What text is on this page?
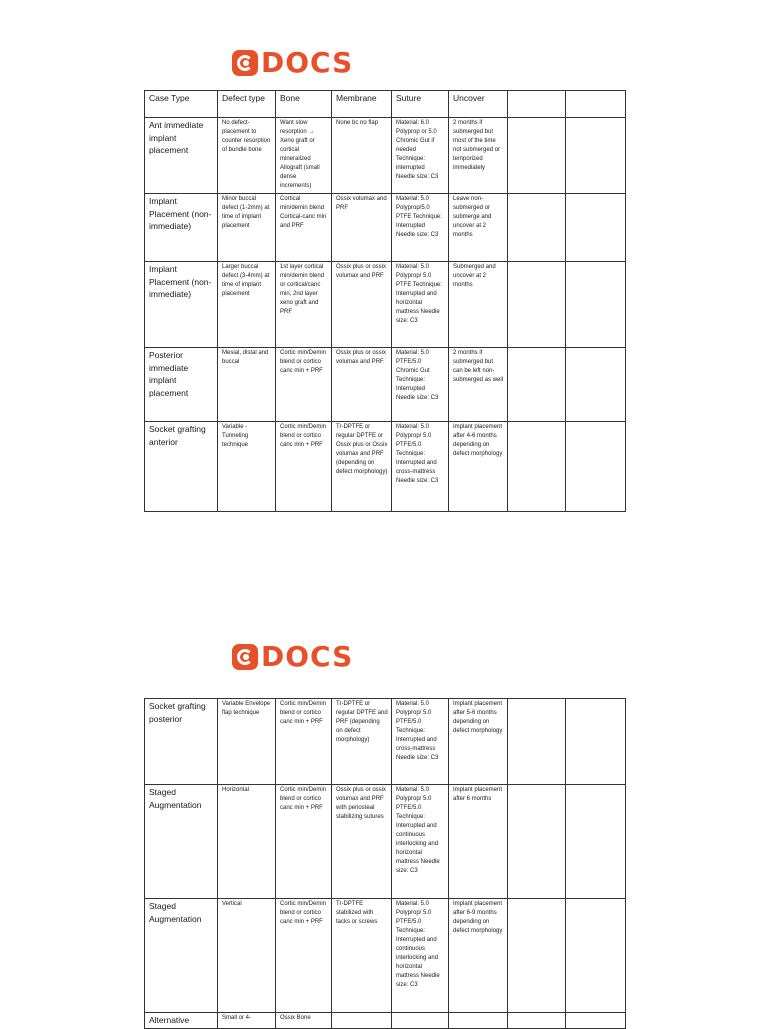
DOCS
Case Type	Defect type	Bone	Membrane	Suture	Uncover		
Ant immediate implant placement	No defect- placement to counter resorption of bundle bone	Want slow resorption → Xeno graft or cortical mineralized Allograft (small dense increments)	None bc no flap	Material: 6.0 Polyprop or 5.0 Chromic Gut if needed Technique: interrupted Needle size: C3	2 months if submerged but most of the time not submerged or temporized immediately		
Implant Placement (non-immediate)	Minor buccal defect (1-2mm) at time of implant placement	Cortical min/demin blend Cortical-canc min and PRF	Ossix volumax and PRF	Material: 5.0 Polyprop/5.0 PTFE Technique: Interrupted Needle size: C3	Leave non-submerged or submerge and uncover at 2 months		
Implant Placement (non-immediate)	Larger buccal defect (3-4mm) at time of implant placement	1st layer cortical min/demin blend or cortical/canc min, 2nd layer xeno graft and PRF	Ossix plus or ossix volumax and PRF	Material: 5.0 Polyprop/ 5.0 PTFE Technique: Interrupted and horizontal mattress Needle size: C3	Submerged and uncover at 2 months		
Posterior immediate implant placement	Mesial, distal and buccal	Cortic min/Demin blend or cortico canc min + PRF	Ossix plus or ossix volumax and PRF	Material: 5.0 PTFE/5.0 Chromic Gut Technique: Interrupted Needle size: C3	2 months if submerged but can be left non-submerged as well		
Socket grafting anterior	Variable - Tunneling technique	Cortic min/Demin blend or cortico canc min + PRF	Tr-DPTFE or regular DPTFE or Ossix plus or Ossix volumax and PRF (depending on defect morphology)	Material: 5.0 Polyprop/ 5.0 PTFE/5.0 Technique: Interrupted and cross-mattress Needle size: C3	Implant placement after 4-6 months depending on defect morphology		
DOCS
Socket grafting posterior	Variable Envelope flap technique	Cortic min/Demin blend or cortico canc min + PRF	Tr-DPTFE or regular DPTFE and PRF (depending on defect morphology)	Material: 5.0 Polyprop/ 5.0 PTFE/5.0 Technique: Interrupted and cross-mattress Needle size: C3	Implant placement after 5-6 months depending on defect morphology		
Staged Augmentation	Horizontal	Cortic min/Demin blend or cortico canc min + PRF	Ossix plus or ossix volumax and PRF with periosteal stabilizing sutures	Material: 5.0 Polyprop/ 5.0 PTFE/5.0 Technique: Interrupted and continuous interlocking and horizontal mattress Needle size: C3	Implant placement after 6 months		
Staged Augmentation	Vertical	Cortic min/Demin blend or cortico canc min + PRF	Tr-DPTFE stabilized with tacks or screws	Material: 5.0 Polyprop/ 5.0 PTFE/5.0 Technique: Interrupted and continuous interlocking and horizontal mattress Needle size: C3	Implant placement after 6-9 months depending on defect morphology		
Alternative	Small or 4-	Ossix Bone					
